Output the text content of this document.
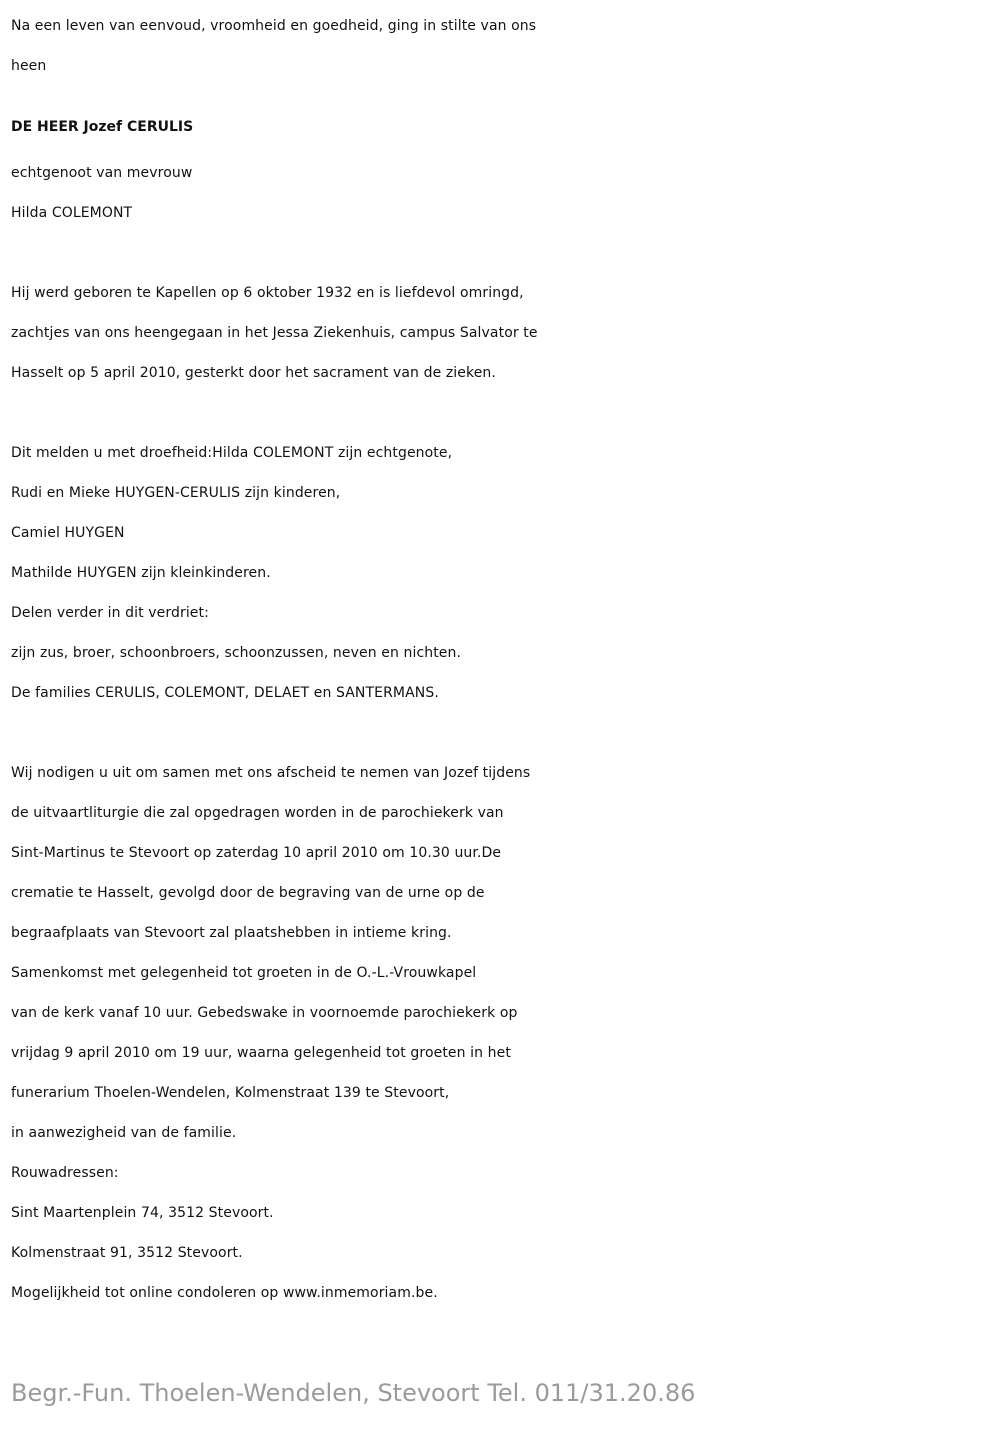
Na een leven van eenvoud, vroomheid en goedheid, ging in stilte van ons
heen
DE HEER Jozef CERULIS
echtgenoot van mevrouw
Hilda COLEMONT
Hij werd geboren te Kapellen op 6 oktober 1932 en is liefdevol omringd,
zachtjes van ons heengegaan in het Jessa Ziekenhuis, campus Salvator te
Hasselt op 5 april 2010, gesterkt door het sacrament van de zieken.
Dit melden u met droefheid:Hilda COLEMONT zijn echtgenote,
Rudi en Mieke HUYGEN-CERULIS zijn kinderen,
Camiel HUYGEN
Mathilde HUYGEN zijn kleinkinderen.
Delen verder in dit verdriet:
zijn zus, broer, schoonbroers, schoonzussen, neven en nichten.
De families CERULIS, COLEMONT, DELAET en SANTERMANS.
Wij nodigen u uit om samen met ons afscheid te nemen van Jozef tijdens
de uitvaartliturgie die zal opgedragen worden in de parochiekerk van
Sint-Martinus te Stevoort op zaterdag 10 april 2010 om 10.30 uur.De
crematie te Hasselt, gevolgd door de begraving van de urne op de
begraafplaats van Stevoort zal plaatshebben in intieme kring.
Samenkomst met gelegenheid tot groeten in de O.-L.-Vrouwkapel
van de kerk vanaf 10 uur. Gebedswake in voornoemde parochiekerk op
vrijdag 9 april 2010 om 19 uur, waarna gelegenheid tot groeten in het
funerarium Thoelen-Wendelen, Kolmenstraat 139 te Stevoort,
in aanwezigheid van de familie.
Rouwadressen:
Sint Maartenplein 74, 3512 Stevoort.
Kolmenstraat 91, 3512 Stevoort.
Mogelijkheid tot online condoleren op www.inmemoriam.be.
Begr.-Fun. Thoelen-Wendelen, Stevoort Tel. 011/31.20.86
